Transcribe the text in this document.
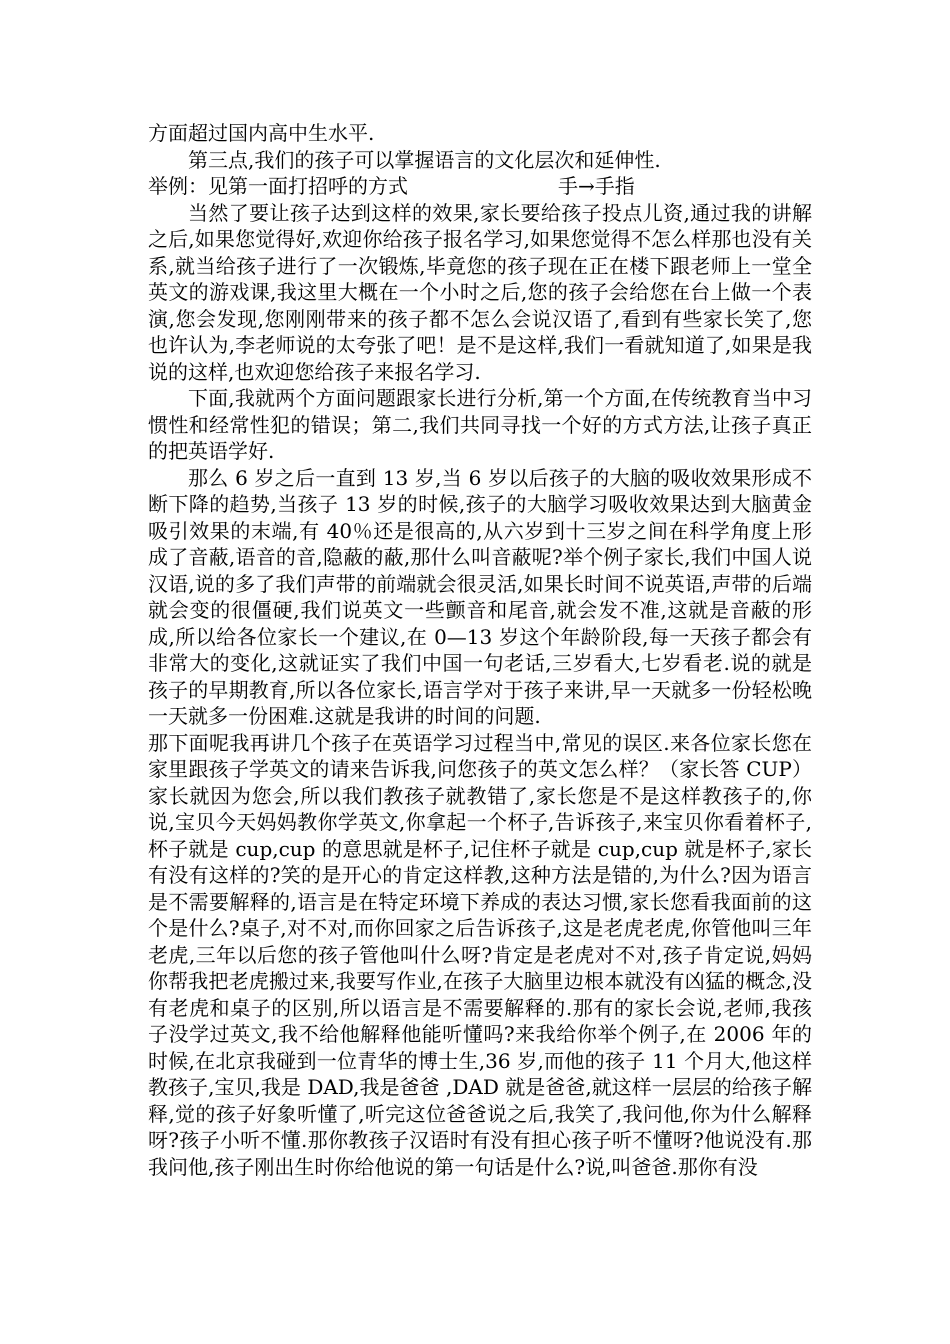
方面超过国内高中生水平.

第三点,我们的孩子可以掌握语言的文化层次和延伸性.

举例：见第一面打招呼的方式	手→手指

当然了要让孩子达到这样的效果,家长要给孩子投点儿资,通过我的讲解之后,如果您觉得好,欢迎你给孩子报名学习,如果您觉得不怎么样那也没有关系,就当给孩子进行了一次锻炼,毕竟您的孩子现在正在楼下跟老师上一堂全英文的游戏课,我这里大概在一个小时之后,您的孩子会给您在台上做一个表演,您会发现,您刚刚带来的孩子都不怎么会说汉语了,看到有些家长笑了,您也许认为,李老师说的太夸张了吧！是不是这样,我们一看就知道了,如果是我说的这样,也欢迎您给孩子来报名学习.

下面,我就两个方面问题跟家长进行分析,第一个方面,在传统教育当中习惯性和经常性犯的错误；第二,我们共同寻找一个好的方式方法,让孩子真正的把英语学好.

那么 6 岁之后一直到 13 岁,当 6 岁以后孩子的大脑的吸收效果形成不断下降的趋势,当孩子 13 岁的时候,孩子的大脑学习吸收效果达到大脑黄金吸引效果的末端,有 40％还是很高的,从六岁到十三岁之间在科学角度上形成了音蔽,语音的音,隐蔽的蔽,那什么叫音蔽呢?举个例子家长,我们中国人说汉语,说的多了我们声带的前端就会很灵活,如果长时间不说英语,声带的后端就会变的很僵硬,我们说英文一些颤音和尾音,就会发不准,这就是音蔽的形成,所以给各位家长一个建议,在 0—13 岁这个年龄阶段,每一天孩子都会有非常大的变化,这就证实了我们中国一句老话,三岁看大,七岁看老.说的就是孩子的早期教育,所以各位家长,语言学对于孩子来讲,早一天就多一份轻松晚一天就多一份困难.这就是我讲的时间的问题.

那下面呢我再讲几个孩子在英语学习过程当中,常见的误区.来各位家长您在家里跟孩子学英文的请来告诉我,问您孩子的英文怎么样？（家长答 CUP）家长就因为您会,所以我们教孩子就教错了,家长您是不是这样教孩子的,你说,宝贝今天妈妈教你学英文,你拿起一个杯子,告诉孩子,来宝贝你看着杯子,杯子就是 cup,cup 的意思就是杯子,记住杯子就是 cup,cup 就是杯子,家长有没有这样的?笑的是开心的肯定这样教,这种方法是错的,为什么?因为语言是不需要解释的,语言是在特定环境下养成的表达习惯,家长您看我面前的这个是什么?桌子,对不对,而你回家之后告诉孩子,这是老虎老虎,你管他叫三年老虎,三年以后您的孩子管他叫什么呀?肯定是老虎对不对,孩子肯定说,妈妈你帮我把老虎搬过来,我要写作业,在孩子大脑里边根本就没有凶猛的概念,没有老虎和桌子的区别,所以语言是不需要解释的.那有的家长会说,老师,我孩子没学过英文,我不给他解释他能听懂吗?来我给你举个例子,在 2006 年的时候,在北京我碰到一位青华的博士生,36 岁,而他的孩子 11 个月大,他这样教孩子,宝贝,我是 DAD,我是爸爸 ,DAD 就是爸爸,就这样一层层的给孩子解释,觉的孩子好象听懂了,听完这位爸爸说之后,我笑了,我问他,你为什么解释呀?孩子小听不懂.那你教孩子汉语时有没有担心孩子听不懂呀?他说没有.那我问他,孩子刚出生时你给他说的第一句话是什么?说,叫爸爸.那你有没
